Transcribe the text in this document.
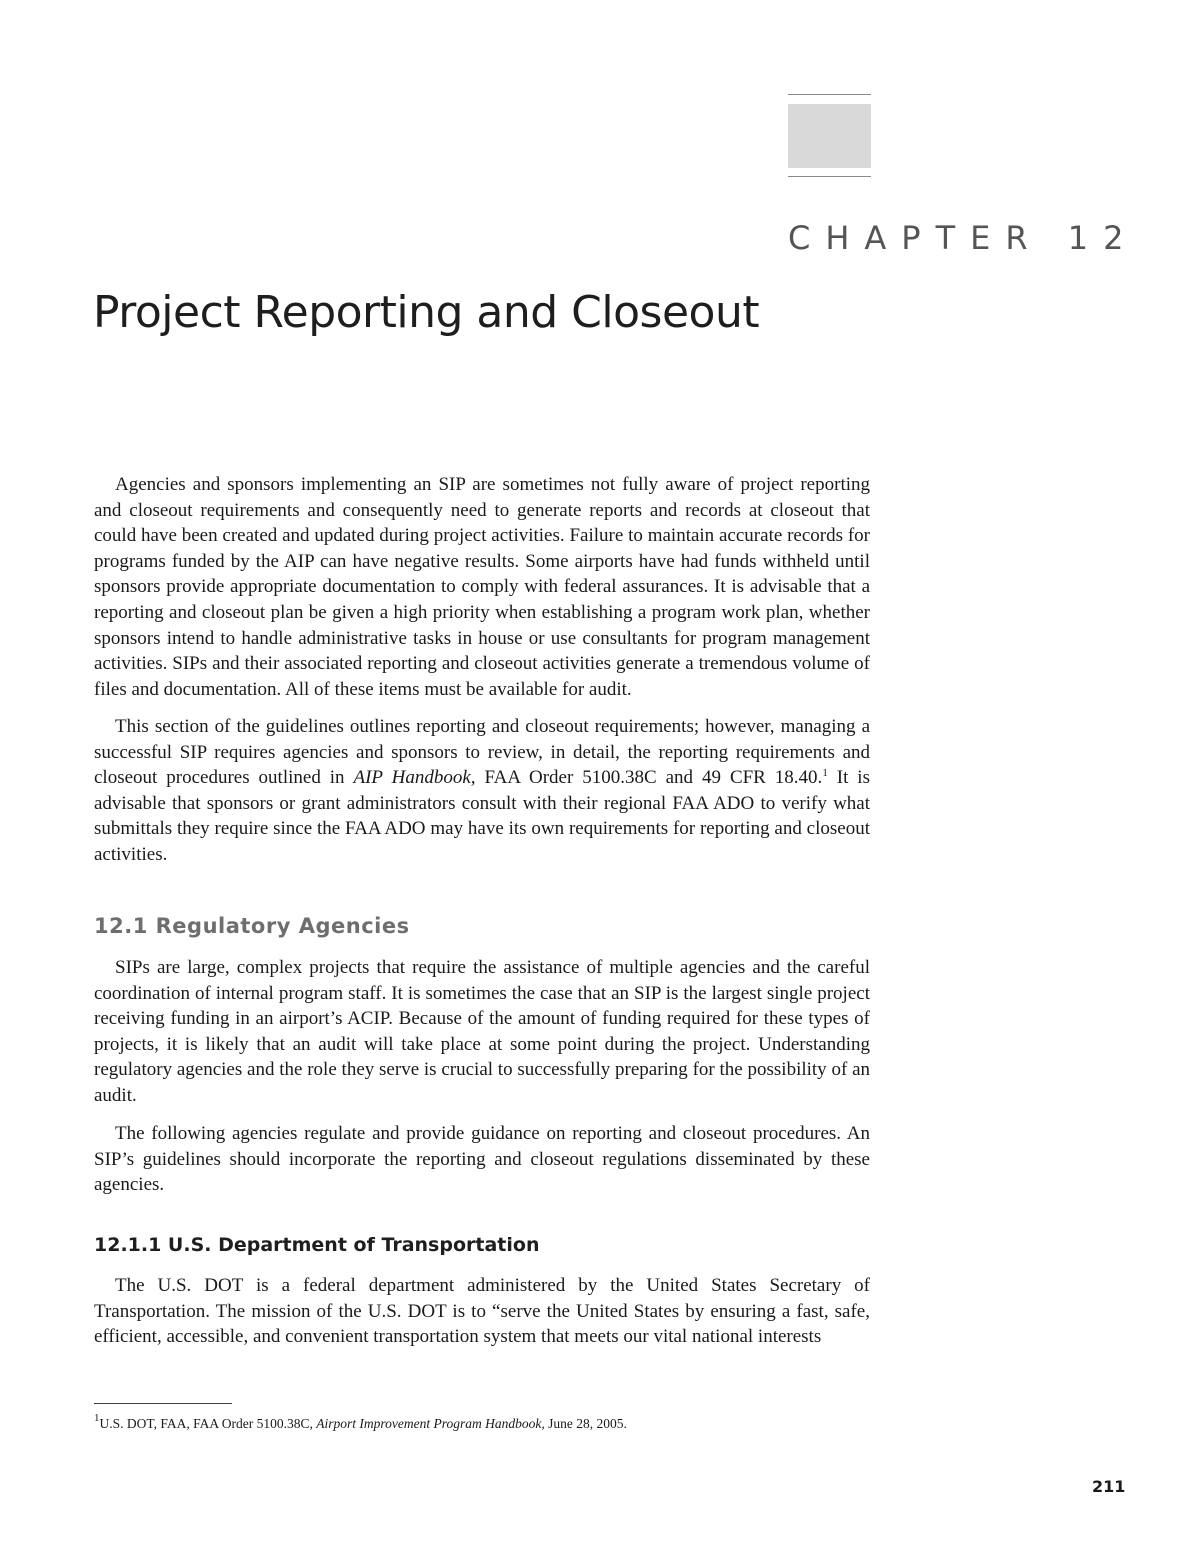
CHAPTER 12
Project Reporting and Closeout

Agencies and sponsors implementing an SIP are sometimes not fully aware of project reporting and closeout requirements and consequently need to generate reports and records at closeout that could have been created and updated during project activities. Failure to maintain accurate records for programs funded by the AIP can have negative results. Some airports have had funds withheld until sponsors provide appropriate documentation to comply with federal assurances. It is advisable that a reporting and closeout plan be given a high priority when establishing a program work plan, whether sponsors intend to handle administrative tasks in house or use consultants for program management activities. SIPs and their associated reporting and closeout activities generate a tremendous volume of files and documentation. All of these items must be available for audit.

This section of the guidelines outlines reporting and closeout requirements; however, managing a successful SIP requires agencies and sponsors to review, in detail, the reporting requirements and closeout procedures outlined in AIP Handbook, FAA Order 5100.38C and 49 CFR 18.40.$^1$ It is advisable that sponsors or grant administrators consult with their regional FAA ADO to verify what submittals they require since the FAA ADO may have its own requirements for reporting and closeout activities.

12.1 Regulatory Agencies

SIPs are large, complex projects that require the assistance of multiple agencies and the careful coordination of internal program staff. It is sometimes the case that an SIP is the largest single project receiving funding in an airport’s ACIP. Because of the amount of funding required for these types of projects, it is likely that an audit will take place at some point during the project. Understanding regulatory agencies and the role they serve is crucial to successfully preparing for the possibility of an audit.

The following agencies regulate and provide guidance on reporting and closeout procedures. An SIP’s guidelines should incorporate the reporting and closeout regulations disseminated by these agencies.

12.1.1 U.S. Department of Transportation

The U.S. DOT is a federal department administered by the United States Secretary of Transportation. The mission of the U.S. DOT is to “serve the United States by ensuring a fast, safe, efficient, accessible, and convenient transportation system that meets our vital national interests

$^1$U.S. DOT, FAA, FAA Order 5100.38C, Airport Improvement Program Handbook, June 28, 2005.

211
